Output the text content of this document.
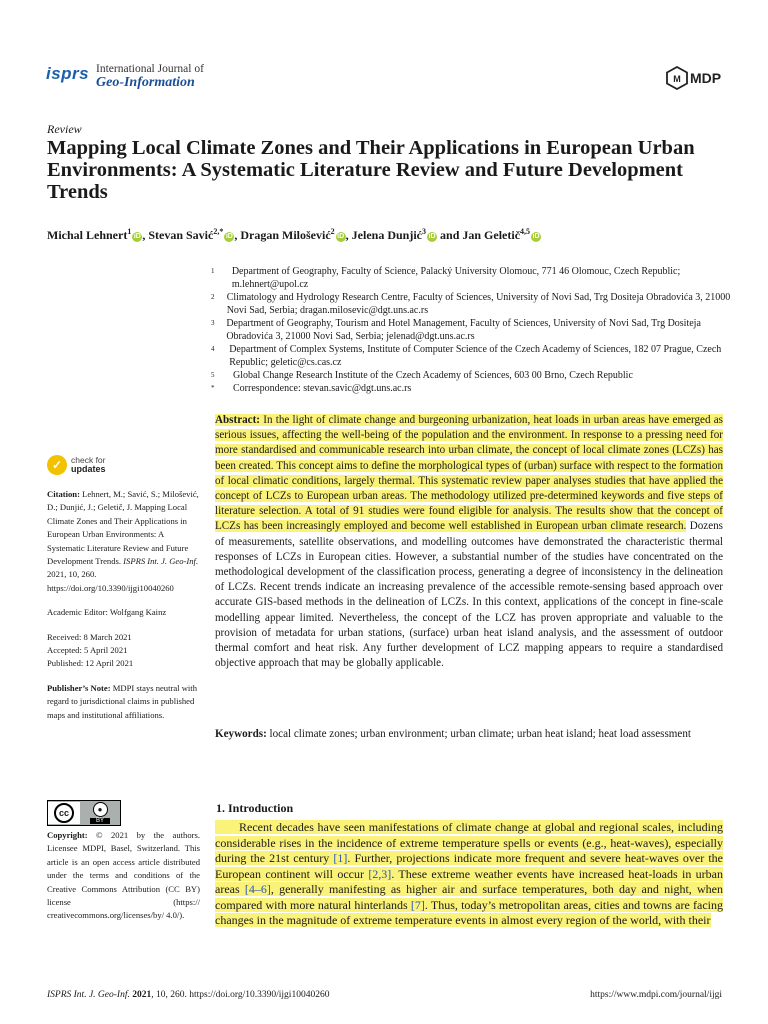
isprs International Journal of
Geo-Information	M MDPI
Review
Mapping Local Climate Zones and Their Applications in European Urban Environments: A Systematic Literature Review and Future Development Trends
Michal Lehnert$^1$iD , Stevan Savić$^{2,*}$iD , Dragan Milošević$^2$iD , Jelena Dunjić$^3$iD and Jan Geletič$^{4,5}$iD
1	Department of Geography, Faculty of Science, Palacký University Olomouc, 771 46 Olomouc, Czech Republic; m.lehnert@upol.cz
2	Climatology and Hydrology Research Centre, Faculty of Sciences, University of Novi Sad, Trg Dositeja Obradovića 3, 21000 Novi Sad, Serbia; dragan.milosevic@dgt.uns.ac.rs
3	Department of Geography, Tourism and Hotel Management, Faculty of Sciences, University of Novi Sad, Trg Dositeja Obradovića 3, 21000 Novi Sad, Serbia; jelenad@dgt.uns.ac.rs
4	Department of Complex Systems, Institute of Computer Science of the Czech Academy of Sciences, 182 07 Prague, Czech Republic; geletic@cs.cas.cz
5	Global Change Research Institute of the Czech Academy of Sciences, 603 00 Brno, Czech Republic
*	Correspondence: stevan.savic@dgt.uns.ac.rs
Abstract: In the light of climate change and burgeoning urbanization, heat loads in urban areas have emerged as serious issues, affecting the well-being of the population and the environment. In response to a pressing need for more standardised and communicable research into urban climate, the concept of local climate zones (LCZs) has been created. This concept aims to define the morphological types of (urban) surface with respect to the formation of local climatic conditions, largely thermal. This systematic review paper analyses studies that have applied the concept of LCZs to European urban areas. The methodology utilized pre-determined keywords and five steps of literature selection. A total of 91 studies were found eligible for analysis. The results show that the concept of LCZs has been increasingly employed and become well established in European urban climate research. Dozens of measurements, satellite observations, and modelling outcomes have demonstrated the characteristic thermal responses of LCZs in European cities. However, a substantial number of the studies have concentrated on the methodological development of the classification process, generating a degree of inconsistency in the delineation of LCZs. Recent trends indicate an increasing prevalence of the accessible remote-sensing based approach over accurate GIS-based methods in the delineation of LCZs. In this context, applications of the concept in fine-scale modelling appear limited. Nevertheless, the concept of the LCZ has proven appropriate and valuable to the provision of metadata for urban stations, (surface) urban heat island analysis, and the assessment of outdoor thermal comfort and heat risk. Any further development of LCZ mapping appears to require a standardised objective approach that may be globally applicable.
Keywords: local climate zones; urban environment; urban climate; urban heat island; heat load assessment
✓	check for
updates
Citation: Lehnert, M.; Savić, S.; Milošević, D.; Dunjić, J.; Geletič, J. Mapping Local Climate Zones and Their Applications in European Urban Environments: A Systematic Literature Review and Future Development Trends. ISPRS Int. J. Geo-Inf. 2021, 10, 260. https://doi.org/10.3390/ijgi10040260
Academic Editor: Wolfgang Kainz
Received: 8 March 2021
Accepted: 5 April 2021
Published: 12 April 2021
Publisher’s Note: MDPI stays neutral with regard to jurisdictional claims in published maps and institutional affiliations.
cc	●
BY
Copyright: © 2021 by the authors. Licensee MDPI, Basel, Switzerland. This article is an open access article distributed under the terms and conditions of the Creative Commons Attribution (CC BY) license (https:// creativecommons.org/licenses/by/ 4.0/).
1. Introduction
  Recent decades have seen manifestations of climate change at global and regional scales, including considerable rises in the incidence of extreme temperature spells or events (e.g., heat-waves), especially during the 21st century [1]. Further, projections indicate more frequent and severe heat-waves over the European continent will occur [2,3]. These extreme weather events have increased heat-loads in urban areas [4–6], generally manifesting as higher air and surface temperatures, both day and night, when compared with more natural hinterlands [7]. Thus, today’s metropolitan areas, cities and towns are facing changes in the magnitude of extreme temperature events in almost every region of the world, with their
ISPRS Int. J. Geo-Inf. 2021, 10, 260. https://doi.org/10.3390/ijgi10040260	https://www.mdpi.com/journal/ijgi
